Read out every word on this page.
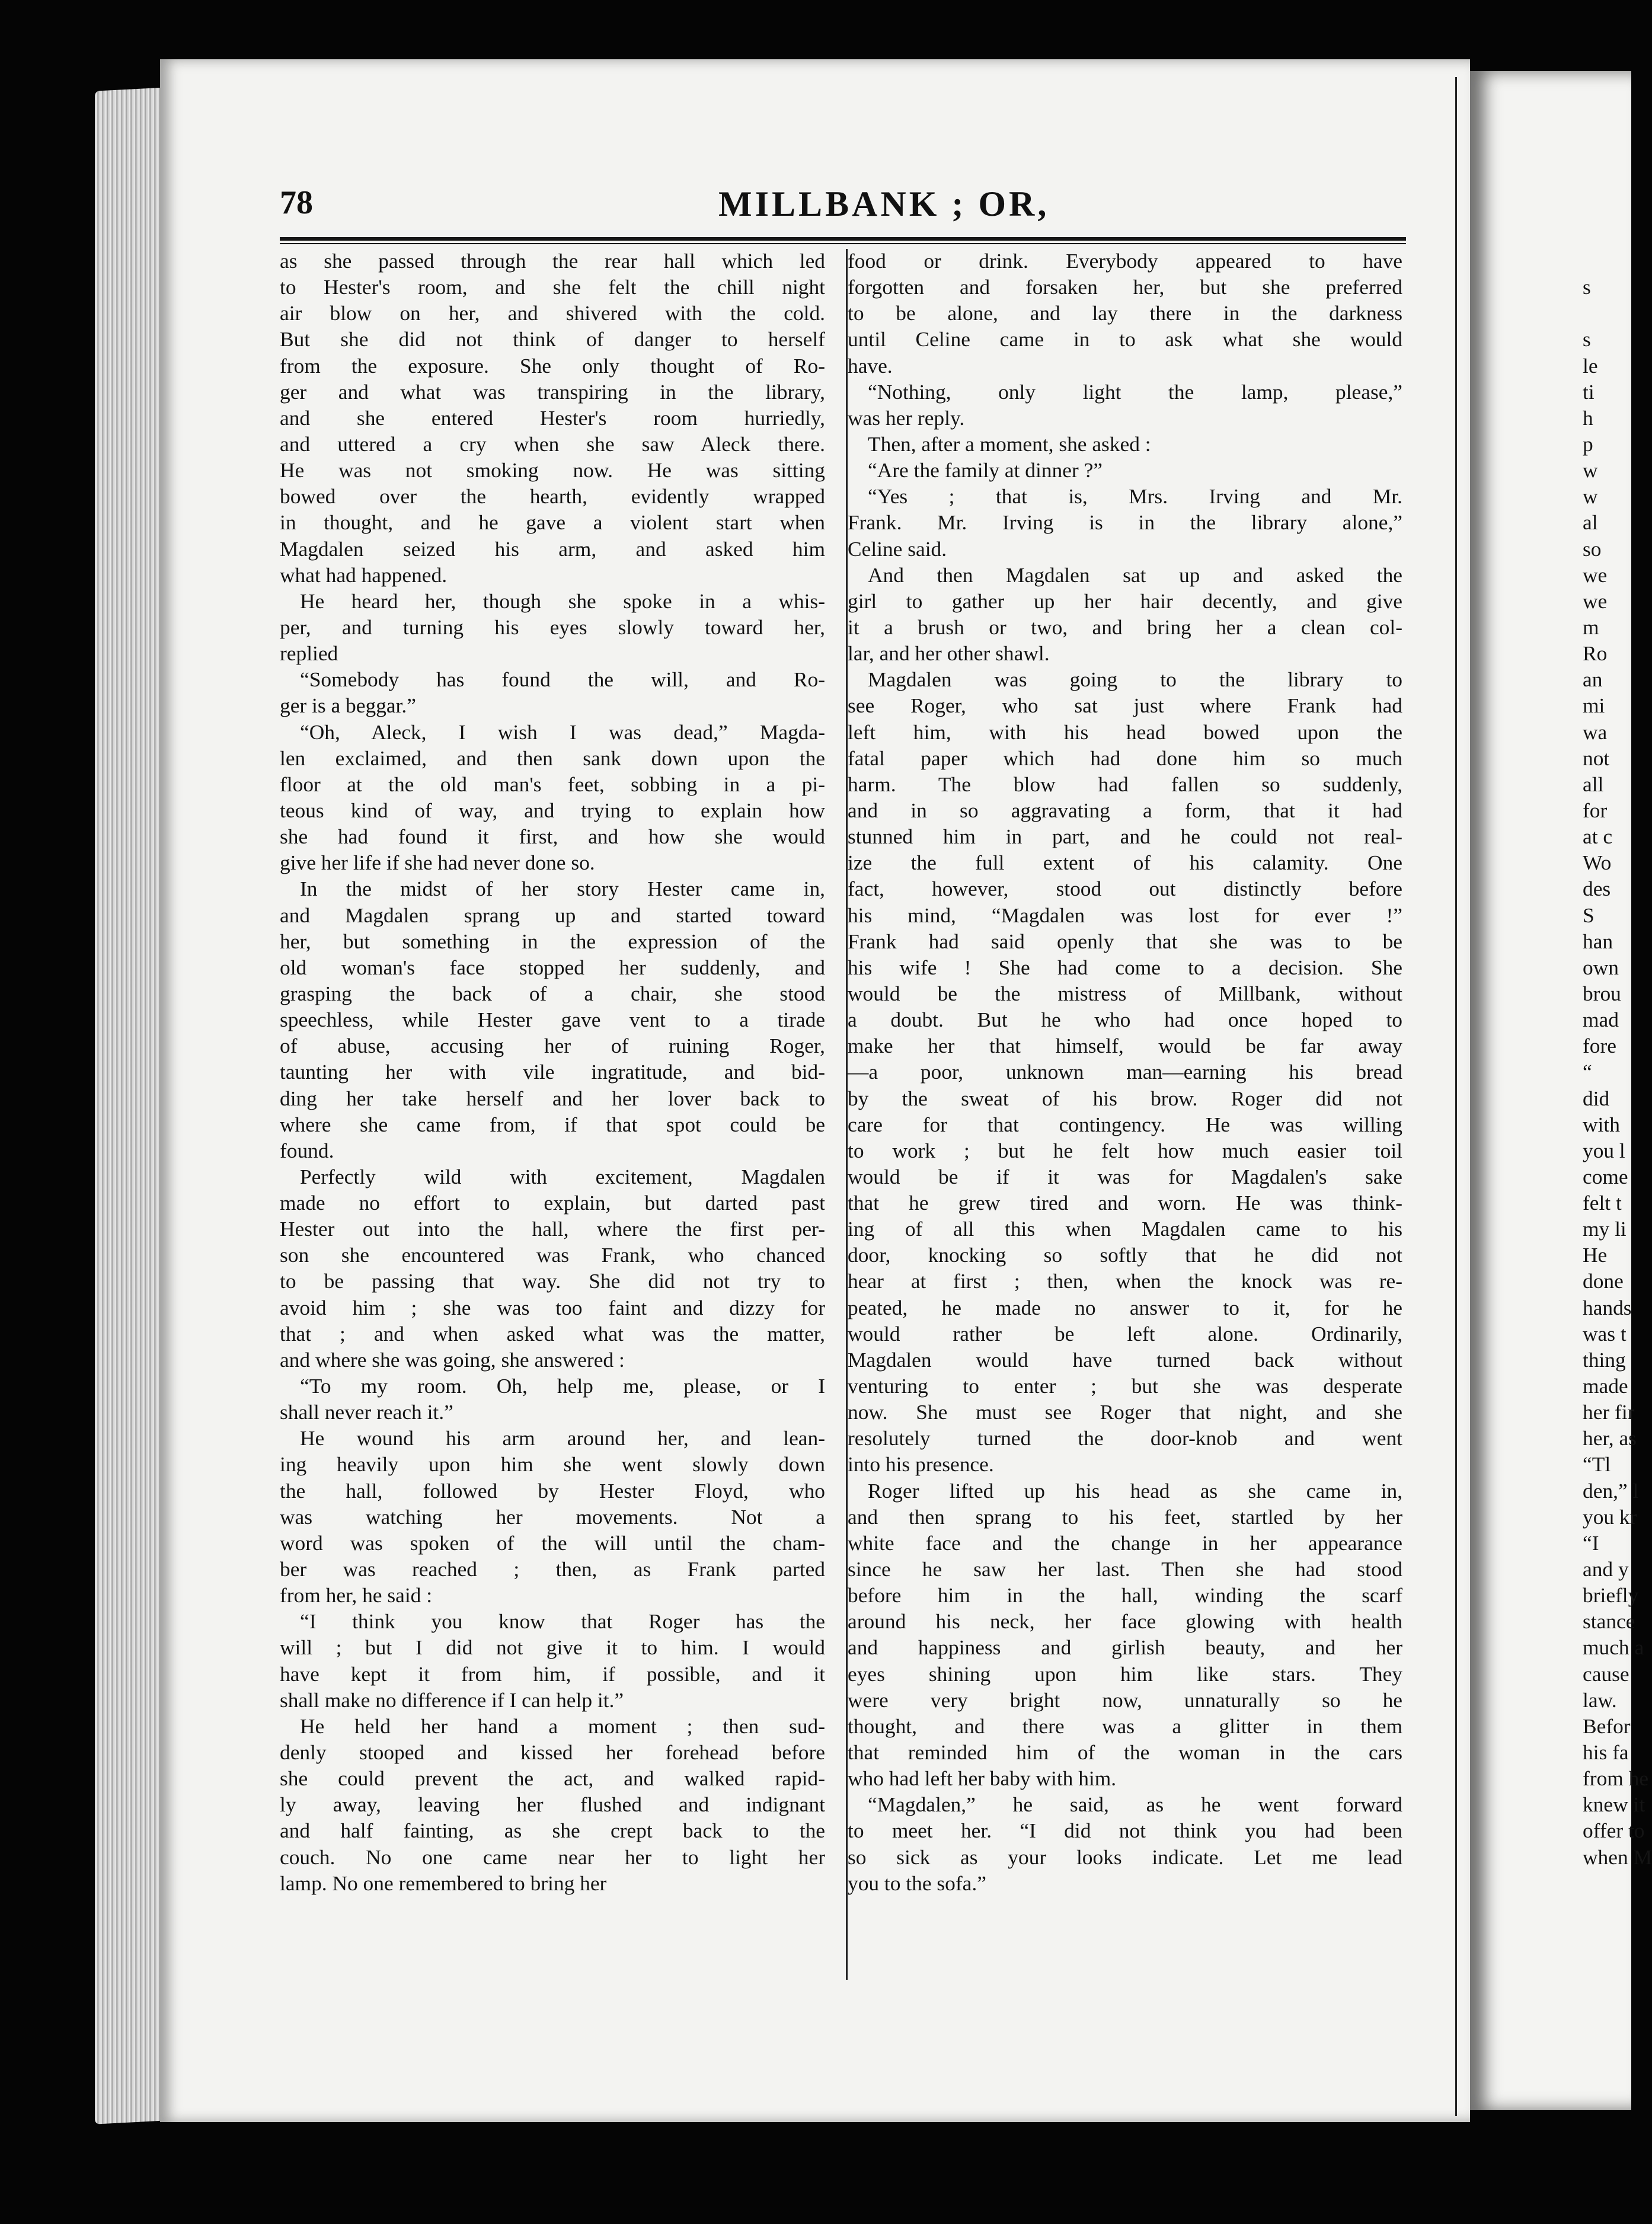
78	MILLBANK ; OR,

as she passed through the rear hall which led
to Hester's room, and she felt the chill night
air blow on her, and shivered with the cold.
But she did not think of danger to herself
from the exposure. She only thought of Ro-
ger and what was transpiring in the library,
and she entered Hester's room hurriedly,
and uttered a cry when she saw Aleck there.
He was not smoking now. He was sitting
bowed over the hearth, evidently wrapped
in thought, and he gave a violent start when
Magdalen seized his arm, and asked him
what had happened.

He heard her, though she spoke in a whis-
per, and turning his eyes slowly toward her,
replied

“Somebody has found the will, and Ro-
ger is a beggar.”

“Oh, Aleck, I wish I was dead,” Magda-
len exclaimed, and then sank down upon the
floor at the old man's feet, sobbing in a pi-
teous kind of way, and trying to explain how
she had found it first, and how she would
give her life if she had never done so.

In the midst of her story Hester came in,
and Magdalen sprang up and started toward
her, but something in the expression of the
old woman's face stopped her suddenly, and
grasping the back of a chair, she stood
speechless, while Hester gave vent to a tirade
of abuse, accusing her of ruining Roger,
taunting her with vile ingratitude, and bid-
ding her take herself and her lover back to
where she came from, if that spot could be
found.

Perfectly wild with excitement, Magdalen
made no effort to explain, but darted past
Hester out into the hall, where the first per-
son she encountered was Frank, who chanced
to be passing that way. She did not try to
avoid him ; she was too faint and dizzy for
that ; and when asked what was the matter,
and where she was going, she answered :

“To my room. Oh, help me, please, or I
shall never reach it.”

He wound his arm around her, and lean-
ing heavily upon him she went slowly down
the hall, followed by Hester Floyd, who
was watching her movements. Not a
word was spoken of the will until the cham-
ber was reached ; then, as Frank parted
from her, he said :

“I think you know that Roger has the
will ; but I did not give it to him. I would
have kept it from him, if possible, and it
shall make no difference if I can help it.”

He held her hand a moment ; then sud-
denly stooped and kissed her forehead before
she could prevent the act, and walked rapid-
ly away, leaving her flushed and indignant
and half fainting, as she crept back to the
couch. No one came near her to light her
lamp. No one remembered to bring her

food or drink. Everybody appeared to have
forgotten and forsaken her, but she preferred
to be alone, and lay there in the darkness
until Celine came in to ask what she would
have.

“Nothing, only light the lamp, please,”
was her reply.

Then, after a moment, she asked :

“Are the family at dinner ?”

“Yes ; that is, Mrs. Irving and Mr.
Frank. Mr. Irving is in the library alone,”
Celine said.

And then Magdalen sat up and asked the
girl to gather up her hair decently, and give
it a brush or two, and bring her a clean col-
lar, and her other shawl.

Magdalen was going to the library to
see Roger, who sat just where Frank had
left him, with his head bowed upon the
fatal paper which had done him so much
harm. The blow had fallen so suddenly,
and in so aggravating a form, that it had
stunned him in part, and he could not real-
ize the full extent of his calamity. One
fact, however, stood out distinctly before
his mind, “Magdalen was lost for ever !”
Frank had said openly that she was to be
his wife ! She had come to a decision. She
would be the mistress of Millbank, without
a doubt. But he who had once hoped to
make her that himself, would be far away
—a poor, unknown man—earning his bread
by the sweat of his brow. Roger did not
care for that contingency. He was willing
to work ; but he felt how much easier toil
would be if it was for Magdalen's sake
that he grew tired and worn. He was think-
ing of all this when Magdalen came to his
door, knocking so softly that he did not
hear at first ; then, when the knock was re-
peated, he made no answer to it, for he
would rather be left alone. Ordinarily,
Magdalen would have turned back without
venturing to enter ; but she was desperate
now. She must see Roger that night, and she
resolutely turned the door-knob and went
into his presence.

Roger lifted up his head as she came in,
and then sprang to his feet, startled by her
white face and the change in her appearance
since he saw her last. Then she had stood
before him in the hall, winding the scarf
around his neck, her face glowing with health
and happiness and girlish beauty, and her
eyes shining upon him like stars. They
were very bright now, unnaturally so he
thought, and there was a glitter in them
that reminded him of the woman in the cars
who had left her baby with him.

“Magdalen,” he said, as he went forward
to meet her. “I did not think you had been
so sick as your looks indicate. Let me lead
you to the sofa.”

s
s
le
ti
h
p
w
w
al
so
we
we
m
Ro
an
mi
wa
not
all
for
at c
Wo
des
S
han
own
brou
mad
fore
“
did
with
you l
come
felt t
my li
He
done
hands
was t
thing
made
her fir
her, as
“Tl
den,” l
you kr
“I
and y
briefly
stance
much a
cause
law.
Befor
his fa
from he
knew it
offer to
when M
